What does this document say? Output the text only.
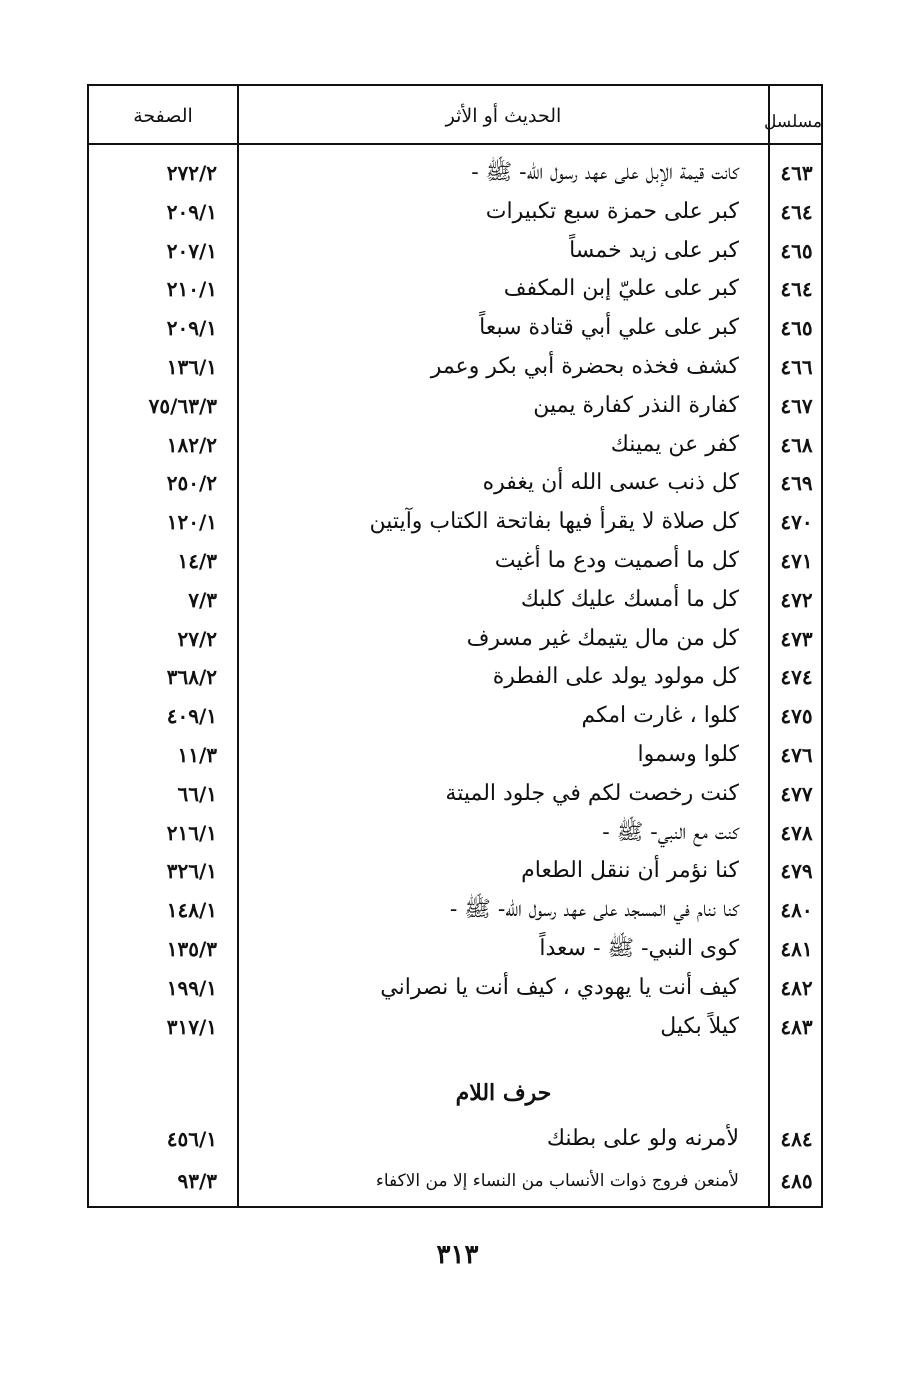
مسلسل
الحديث أو الأثر
الصفحة
٤٦٣
كانت قيمة الإبل على عهد رسول الله- ﷺ -
٢٧٢/٢
٤٦٤
كبر على حمزة سبع تكبيرات
٢٠٩/١
٤٦٥
كبر على زيد خمساً
٢٠٧/١
٤٦٤
كبر على عليّ إبن المكفف
٢١٠/١
٤٦٥
كبر على علي أبي قتادة سبعاً
٢٠٩/١
٤٦٦
كشف فخذه بحضرة أبي بكر وعمر
١٣٦/١
٤٦٧
كفارة النذر كفارة يمين
٧٥/٦٣/٣
٤٦٨
كفر عن يمينك
١٨٢/٢
٤٦٩
كل ذنب عسى الله أن يغفره
٢٥٠/٢
٤٧٠
كل صلاة لا يقرأ فيها بفاتحة الكتاب وآيتين
١٢٠/١
٤٧١
كل ما أصميت ودع ما أغيت
١٤/٣
٤٧٢
كل ما أمسك عليك كلبك
٧/٣
٤٧٣
كل من مال يتيمك غير مسرف
٢٧/٢
٤٧٤
كل مولود يولد على الفطرة
٣٦٨/٢
٤٧٥
كلوا ، غارت امكم
٤٠٩/١
٤٧٦
كلوا وسموا
١١/٣
٤٧٧
كنت رخصت لكم في جلود الميتة
٦٦/١
٤٧٨
كنت مع النبي- ﷺ -
٢١٦/١
٤٧٩
كنا نؤمر أن ننقل الطعام
٣٢٦/١
٤٨٠
كنا ننام في المسجد على عهد رسول الله- ﷺ -
١٤٨/١
٤٨١
كوى النبي- ﷺ - سعداً
١٣٥/٣
٤٨٢
كيف أنت يا يهودي ، كيف أنت يا نصراني
١٩٩/١
٤٨٣
كيلاً بكيل
٣١٧/١
٤٨٤
لأمرنه ولو على بطنك
٤٥٦/١
٤٨٥
لأمنعن فروج ذوات الأنساب من النساء إلا من الاكفاء
٩٣/٣
حرف اللام
٣١٣
